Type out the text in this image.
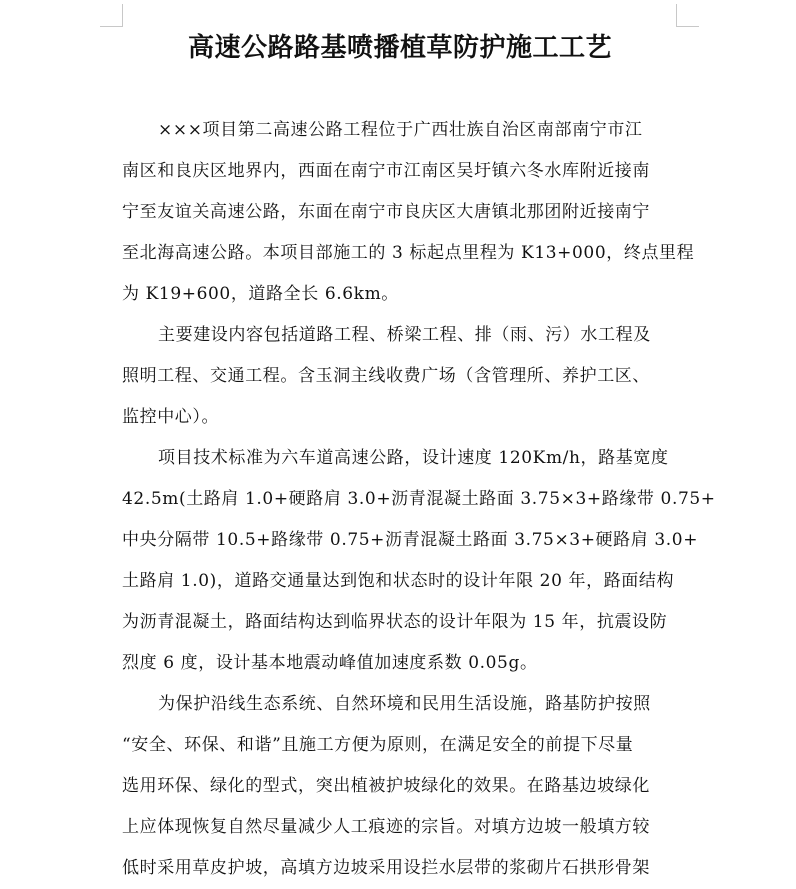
高速公路路基喷播植草防护施工工艺

×××项目第二高速公路工程位于广西壮族自治区南部南宁市江
南区和良庆区地界内，西面在南宁市江南区吴圩镇六冬水库附近接南
宁至友谊关高速公路，东面在南宁市良庆区大唐镇北那团附近接南宁
至北海高速公路。本项目部施工的 3 标起点里程为 K13+000，终点里程
为 K19+600，道路全长 6.6km。

主要建设内容包括道路工程、桥梁工程、排（雨、污）水工程及
照明工程、交通工程。含玉洞主线收费广场（含管理所、养护工区、
监控中心）。

项目技术标准为六车道高速公路，设计速度 120Km/h，路基宽度
42.5m(土路肩 1.0+硬路肩 3.0+沥青混凝土路面 3.75×3+路缘带 0.75+
中央分隔带 10.5+路缘带 0.75+沥青混凝土路面 3.75×3+硬路肩 3.0+
土路肩 1.0)，道路交通量达到饱和状态时的设计年限 20 年，路面结构
为沥青混凝土，路面结构达到临界状态的设计年限为 15 年，抗震设防
烈度 6 度，设计基本地震动峰值加速度系数 0.05g。

为保护沿线生态系统、自然环境和民用生活设施，路基防护按照
“安全、环保、和谐”且施工方便为原则，在满足安全的前提下尽量
选用环保、绿化的型式，突出植被护坡绿化的效果。在路基边坡绿化
上应体现恢复自然尽量减少人工痕迹的宗旨。对填方边坡一般填方较
低时采用草皮护坡，高填方边坡采用设拦水层带的浆砌片石拱形骨架
